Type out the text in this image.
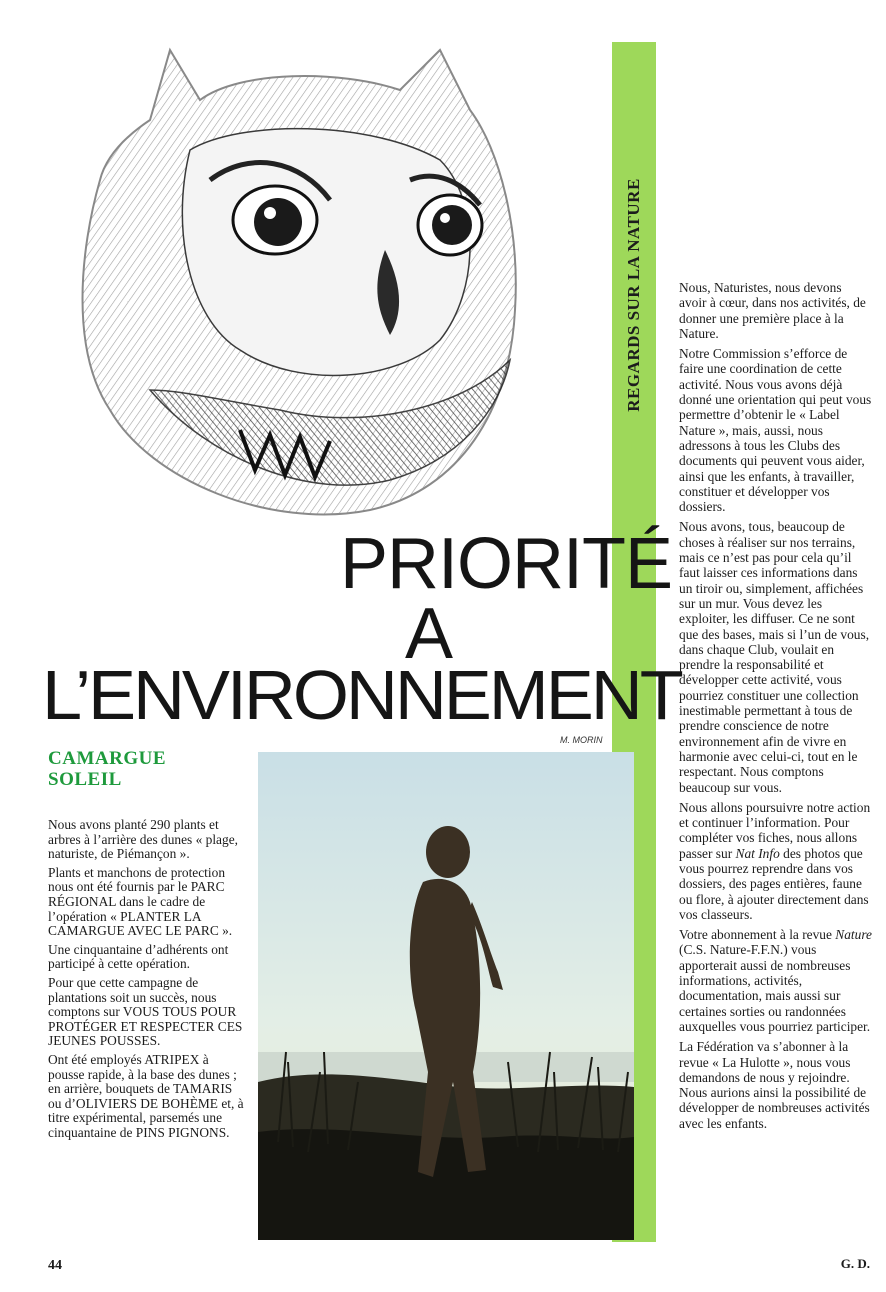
REGARDS SUR LA NATURE
PRIORITÉ
A
L’ENVIRONNEMENT
M. MORIN
CAMARGUE
SOLEIL

Nous avons planté 290 plants et arbres à l’arrière des dunes « plage, naturiste, de Piémançon ».

Plants et manchons de protection nous ont été fournis par le PARC RÉGIONAL dans le cadre de l’opération « PLANTER LA CAMARGUE AVEC LE PARC ».

Une cinquantaine d’adhérents ont participé à cette opération.

Pour que cette campagne de plantations soit un succès, nous comptons sur VOUS TOUS POUR PROTÉGER ET RESPECTER CES JEUNES POUSSES.

Ont été employés ATRIPEX à pousse rapide, à la base des dunes ; en arrière, bouquets de TAMARIS ou d’OLIVIERS DE BOHÈME et, à titre expérimental, parsemés une cinquantaine de PINS PIGNONS.

Nous, Naturistes, nous devons avoir à cœur, dans nos activités, de donner une première place à la Nature.

Notre Commission s’efforce de faire une coordination de cette activité. Nous vous avons déjà donné une orientation qui peut vous permettre d’obtenir le « Label Nature », mais, aussi, nous adressons à tous les Clubs des documents qui peuvent vous aider, ainsi que les enfants, à travailler, constituer et développer vos dossiers.

Nous avons, tous, beaucoup de choses à réaliser sur nos terrains, mais ce n’est pas pour cela qu’il faut laisser ces informations dans un tiroir ou, simplement, affichées sur un mur. Vous devez les exploiter, les diffuser. Ce ne sont que des bases, mais si l’un de vous, dans chaque Club, voulait en prendre la responsabilité et développer cette activité, vous pourriez constituer une collection inestimable permettant à tous de prendre conscience de notre environnement afin de vivre en harmonie avec celui-ci, tout en le respectant. Nous comptons beaucoup sur vous.

Nous allons poursuivre notre action et continuer l’information. Pour compléter vos fiches, nous allons passer sur Nat Info des photos que vous pourrez reprendre dans vos dossiers, des pages entières, faune ou flore, à ajouter directement dans vos classeurs.

Votre abonnement à la revue Nature (C.S. Nature-F.F.N.) vous apporterait aussi de nombreuses informations, activités, documentation, mais aussi sur certaines sorties ou randonnées auxquelles vous pourriez participer.

La Fédération va s’abonner à la revue « La Hulotte », nous vous demandons de nous y rejoindre. Nous aurions ainsi la possibilité de développer de nombreuses activités avec les enfants.

G. D.
44
